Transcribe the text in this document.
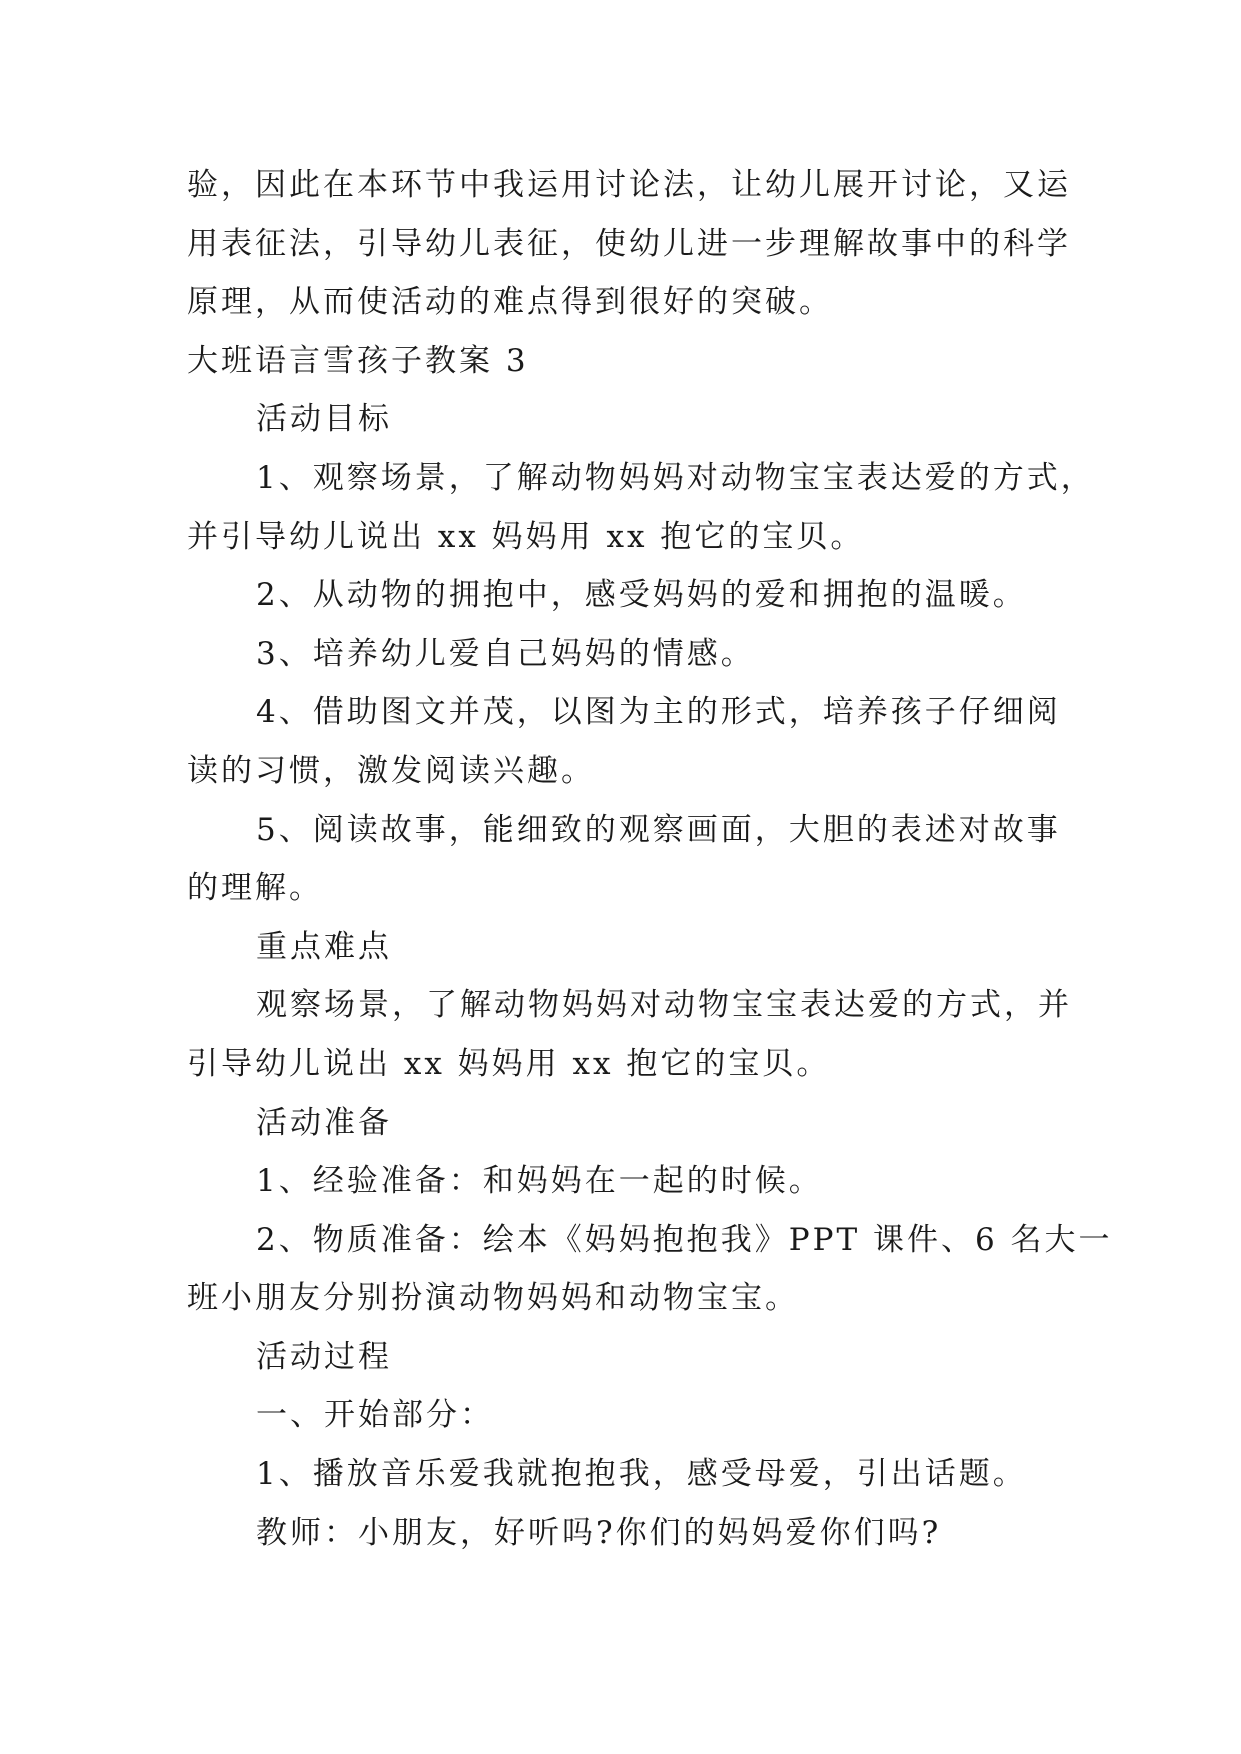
验，因此在本环节中我运用讨论法，让幼儿展开讨论，又运
用表征法，引导幼儿表征，使幼儿进一步理解故事中的科学
原理，从而使活动的难点得到很好的突破。
大班语言雪孩子教案 3
活动目标
1、观察场景，了解动物妈妈对动物宝宝表达爱的方式，
并引导幼儿说出 xx 妈妈用 xx 抱它的宝贝。
2、从动物的拥抱中，感受妈妈的爱和拥抱的温暖。
3、培养幼儿爱自己妈妈的情感。
4、借助图文并茂，以图为主的形式，培养孩子仔细阅
读的习惯，激发阅读兴趣。
5、阅读故事，能细致的观察画面，大胆的表述对故事
的理解。
重点难点
观察场景，了解动物妈妈对动物宝宝表达爱的方式，并
引导幼儿说出 xx 妈妈用 xx 抱它的宝贝。
活动准备
1、经验准备：和妈妈在一起的时候。
2、物质准备：绘本《妈妈抱抱我》PPT 课件、6 名大一
班小朋友分别扮演动物妈妈和动物宝宝。
活动过程
一、开始部分：
1、播放音乐爱我就抱抱我，感受母爱，引出话题。
教师：小朋友，好听吗?你们的妈妈爱你们吗?
